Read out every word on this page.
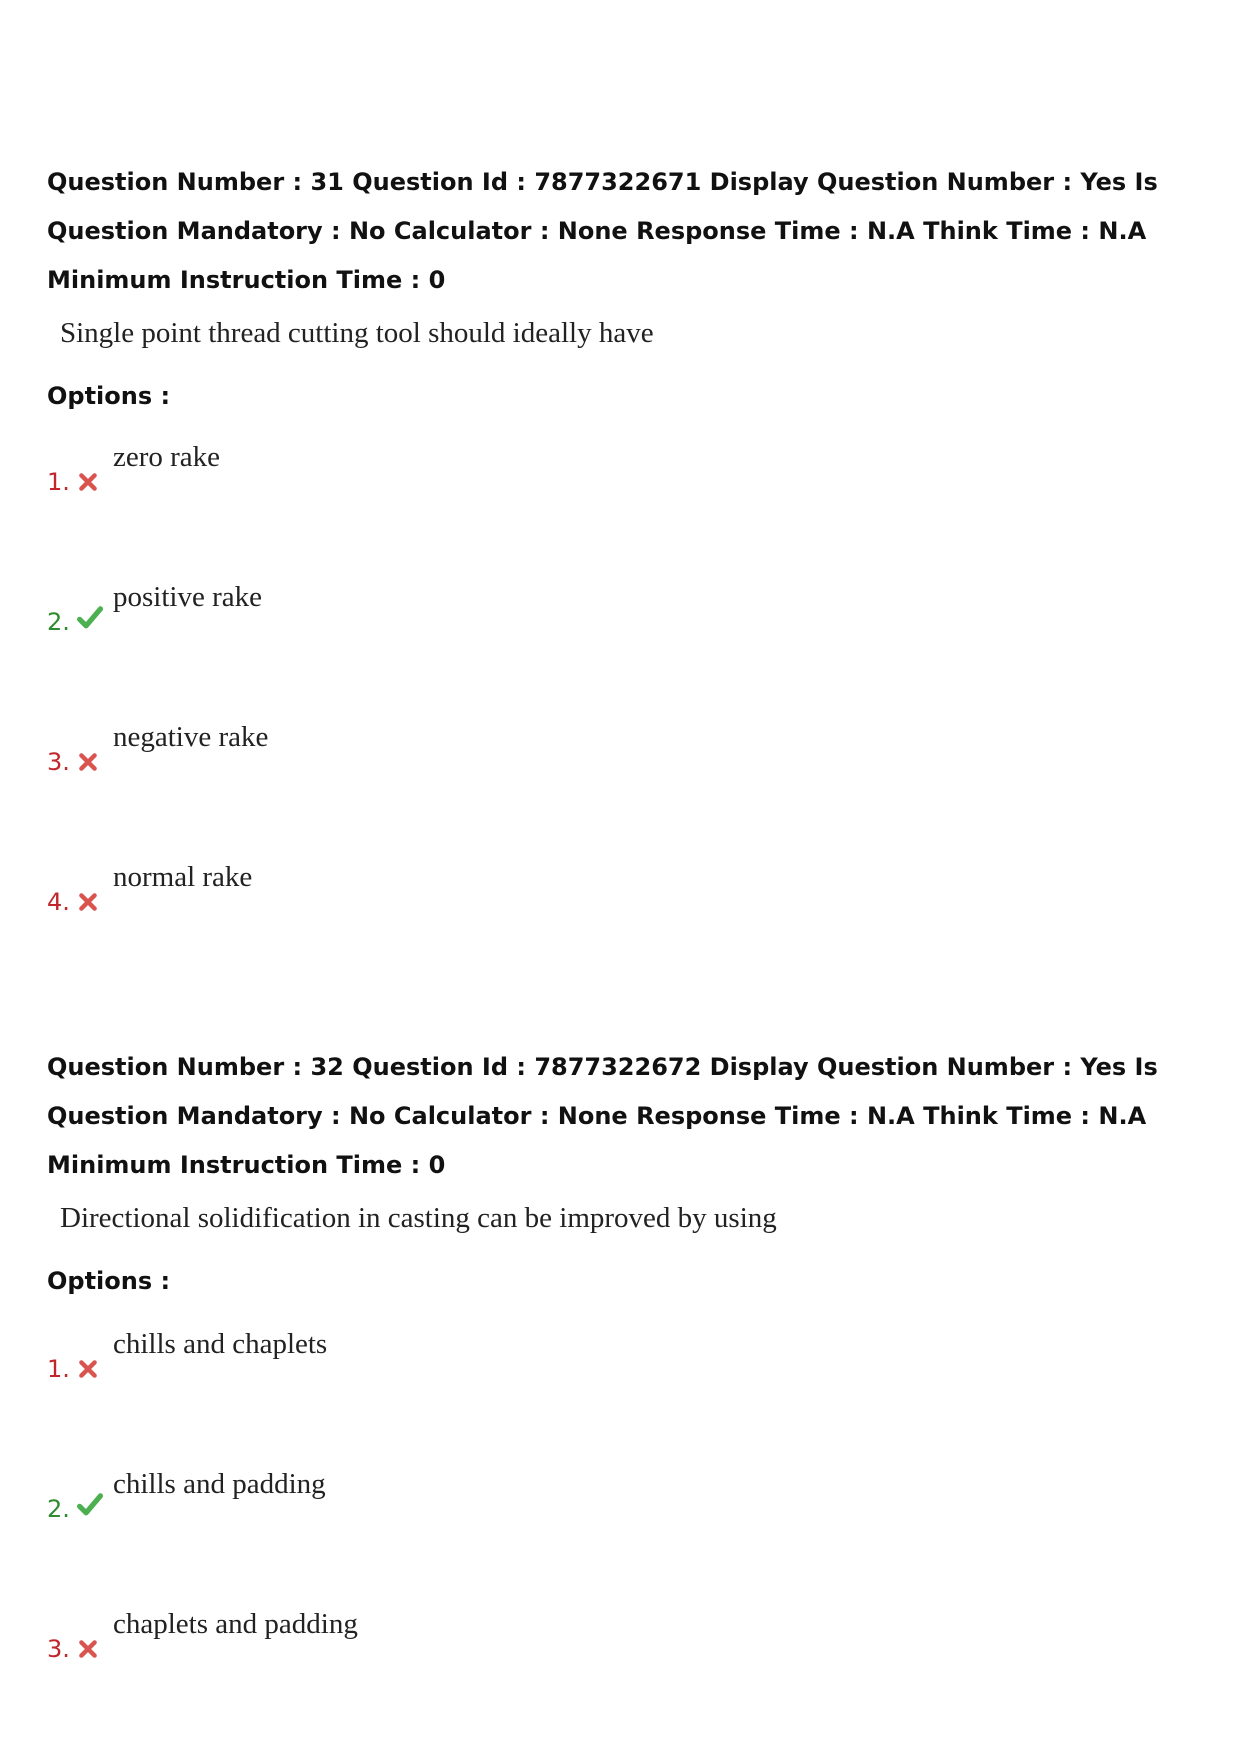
Question Number : 31 Question Id : 7877322671 Display Question Number : Yes Is Question Mandatory : No Calculator : None Response Time : N.A Think Time : N.A Minimum Instruction Time : 0
Single point thread cutting tool should ideally have
Options :
1.
zero rake
2.
positive rake
3.
negative rake
4.
normal rake
Question Number : 32 Question Id : 7877322672 Display Question Number : Yes Is Question Mandatory : No Calculator : None Response Time : N.A Think Time : N.A Minimum Instruction Time : 0
Directional solidification in casting can be improved by using
Options :
1.
chills and chaplets
2.
chills and padding
3.
chaplets and padding
